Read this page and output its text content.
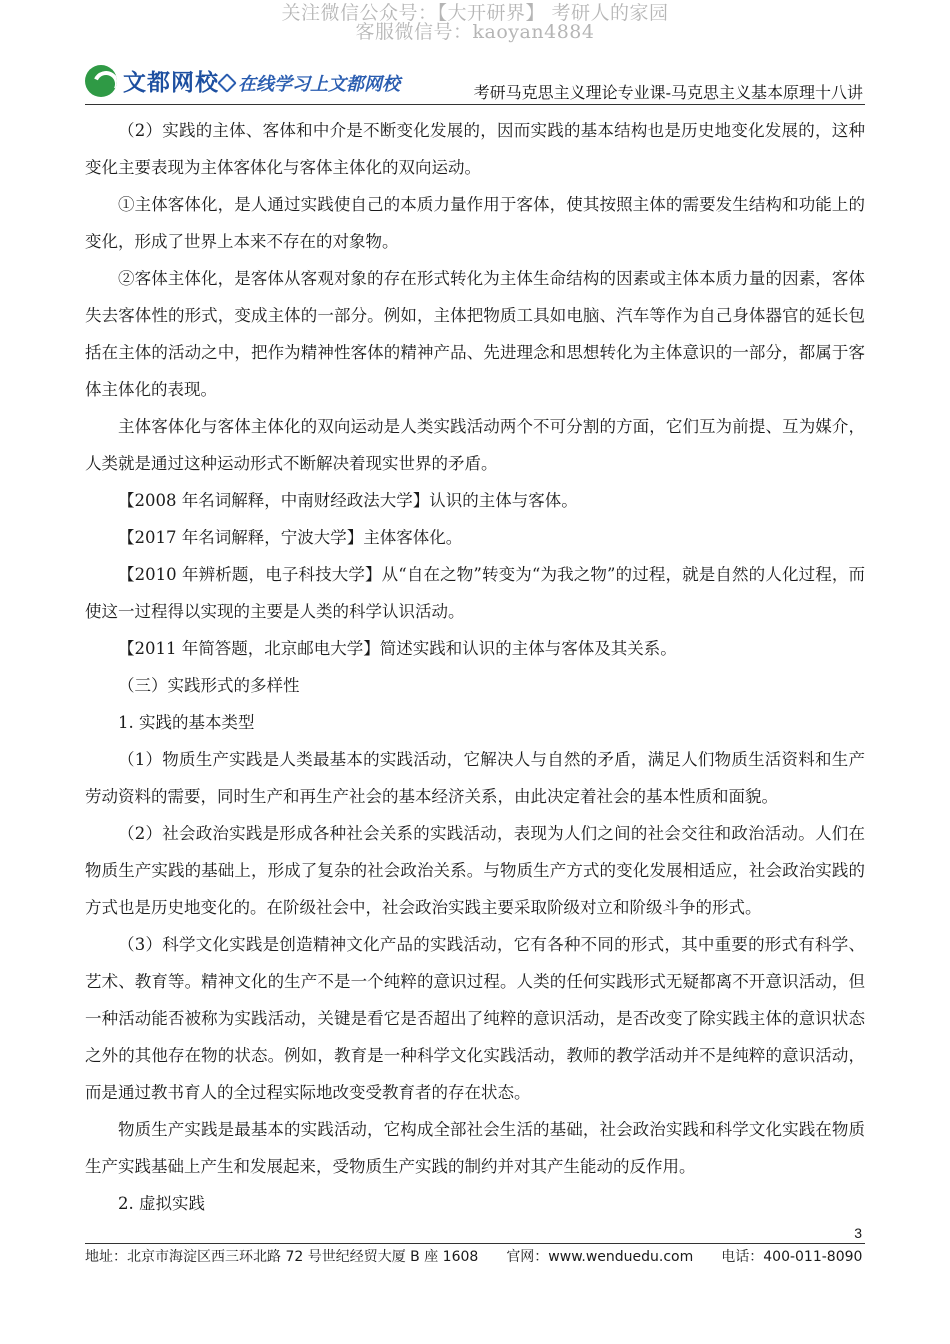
关注微信公众号：【大开研界】 考研人的家园
客服微信号：kaoyan4884
文都网校 在线学习上文都网校	考研马克思主义理论专业课-马克思主义基本原理十八讲

（2）实践的主体、客体和中介是不断变化发展的，因而实践的基本结构也是历史地变化发展的，这种变化主要表现为主体客体化与客体主体化的双向运动。

①主体客体化，是人通过实践使自己的本质力量作用于客体，使其按照主体的需要发生结构和功能上的变化，形成了世界上本来不存在的对象物。

②客体主体化，是客体从客观对象的存在形式转化为主体生命结构的因素或主体本质力量的因素，客体失去客体性的形式，变成主体的一部分。例如，主体把物质工具如电脑、汽车等作为自己身体器官的延长包括在主体的活动之中，把作为精神性客体的精神产品、先进理念和思想转化为主体意识的一部分，都属于客体主体化的表现。

主体客体化与客体主体化的双向运动是人类实践活动两个不可分割的方面，它们互为前提、互为媒介，人类就是通过这种运动形式不断解决着现实世界的矛盾。

【2008 年名词解释，中南财经政法大学】认识的主体与客体。

【2017 年名词解释，宁波大学】主体客体化。

【2010 年辨析题，电子科技大学】从“自在之物”转变为“为我之物”的过程，就是自然的人化过程，而使这一过程得以实现的主要是人类的科学认识活动。

【2011 年简答题，北京邮电大学】简述实践和认识的主体与客体及其关系。

（三）实践形式的多样性

1. 实践的基本类型

（1）物质生产实践是人类最基本的实践活动，它解决人与自然的矛盾，满足人们物质生活资料和生产劳动资料的需要，同时生产和再生产社会的基本经济关系，由此决定着社会的基本性质和面貌。

（2）社会政治实践是形成各种社会关系的实践活动，表现为人们之间的社会交往和政治活动。人们在物质生产实践的基础上，形成了复杂的社会政治关系。与物质生产方式的变化发展相适应，社会政治实践的方式也是历史地变化的。在阶级社会中，社会政治实践主要采取阶级对立和阶级斗争的形式。

（3）科学文化实践是创造精神文化产品的实践活动，它有各种不同的形式，其中重要的形式有科学、艺术、教育等。精神文化的生产不是一个纯粹的意识过程。人类的任何实践形式无疑都离不开意识活动，但一种活动能否被称为实践活动，关键是看它是否超出了纯粹的意识活动，是否改变了除实践主体的意识状态之外的其他存在物的状态。例如，教育是一种科学文化实践活动，教师的教学活动并不是纯粹的意识活动，而是通过教书育人的全过程实际地改变受教育者的存在状态。

物质生产实践是最基本的实践活动，它构成全部社会生活的基础，社会政治实践和科学文化实践在物质生产实践基础上产生和发展起来，受物质生产实践的制约并对其产生能动的反作用。

2. 虚拟实践

3
地址：北京市海淀区西三环北路 72 号世纪经贸大厦 B 座 1608 官网：www.wenduedu.com 电话：400-011-8090
